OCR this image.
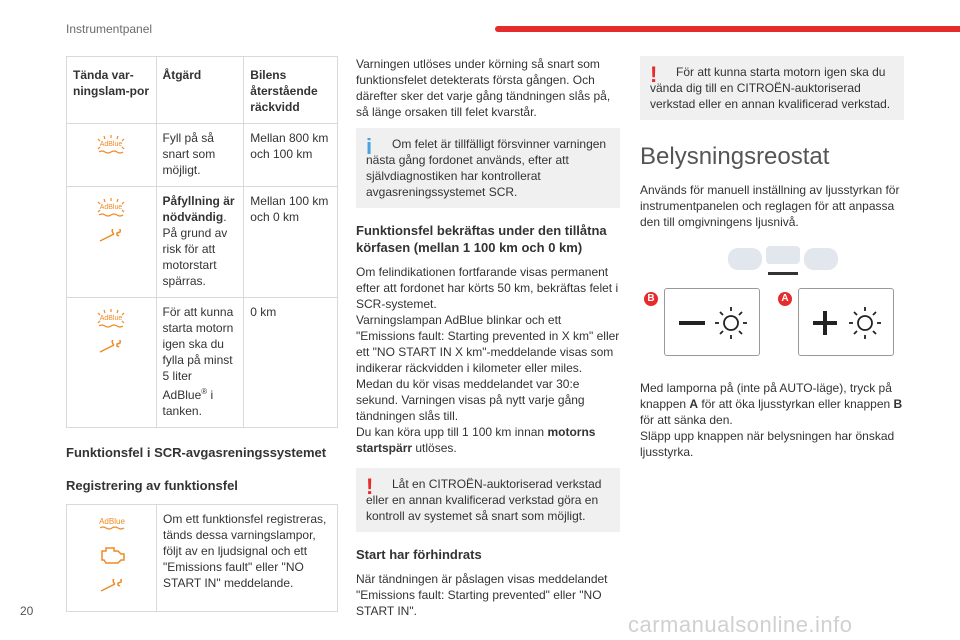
Instrumentpanel
Tända var-ningslam-por	Åtgärd	Bilens återstående räckvidd

AdBlue	Fyll på så snart som möjligt.	Mellan 800 km och 100 km

AdBlue	Påfyllning är nödvändig. På grund av risk för att motorstart spärras.	Mellan 100 km och 0 km

AdBlue	För att kunna starta motorn igen ska du fylla på minst 5 liter AdBlue® i tanken.	0 km
Funktionsfel i SCR-avgasreningssystemet
Registrering av funktionsfel
AdBlue	Om ett funktionsfel registreras, tänds dessa varningslampor, följt av en ljudsignal och ett "Emissions fault" eller "NO START IN" meddelande.

Varningen utlöses under körning så snart som funktionsfelet detekterats första gången. Och därefter sker det varje gång tändningen slås på, så länge orsaken till felet kvarstår.

i	Om felet är tillfälligt försvinner varningen nästa gång fordonet används, efter att självdiagnostiken har kontrollerat avgasreningssystemet SCR.

Funktionsfel bekräftas under den tillåtna körfasen (mellan 1 100 km och 0 km)

Om felindikationen fortfarande visas permanent efter att fordonet har körts 50 km, bekräftas felet i SCR-systemet.

Varningslampan AdBlue blinkar och ett "Emissions fault: Starting prevented in X km" eller ett "NO START IN X km"-meddelande visas som indikerar räckvidden i kilometer eller miles.

Medan du kör visas meddelandet var 30:e sekund. Varningen visas på nytt varje gång tändningen slås till.

Du kan köra upp till 1 100 km innan motorns startspärr utlöses.

!	Låt en CITROËN-auktoriserad verkstad eller en annan kvalificerad verkstad göra en kontroll av systemet så snart som möjligt.

Start har förhindrats

När tändningen är påslagen visas meddelandet "Emissions fault: Starting prevented" eller "NO START IN".

!	För att kunna starta motorn igen ska du vända dig till en CITROËN-auktoriserad verkstad eller en annan kvalificerad verkstad.

Belysningsreostat

Används för manuell inställning av ljusstyrkan för instrumentpanelen och reglagen för att anpassa den till omgivningens ljusnivå.

B	A

Med lamporna på (inte på AUTO-läge), tryck på knappen A för att öka ljusstyrkan eller knappen B för att sänka den.

Släpp upp knappen när belysningen har önskad ljusstyrka.

20
carmanualsonline.info
